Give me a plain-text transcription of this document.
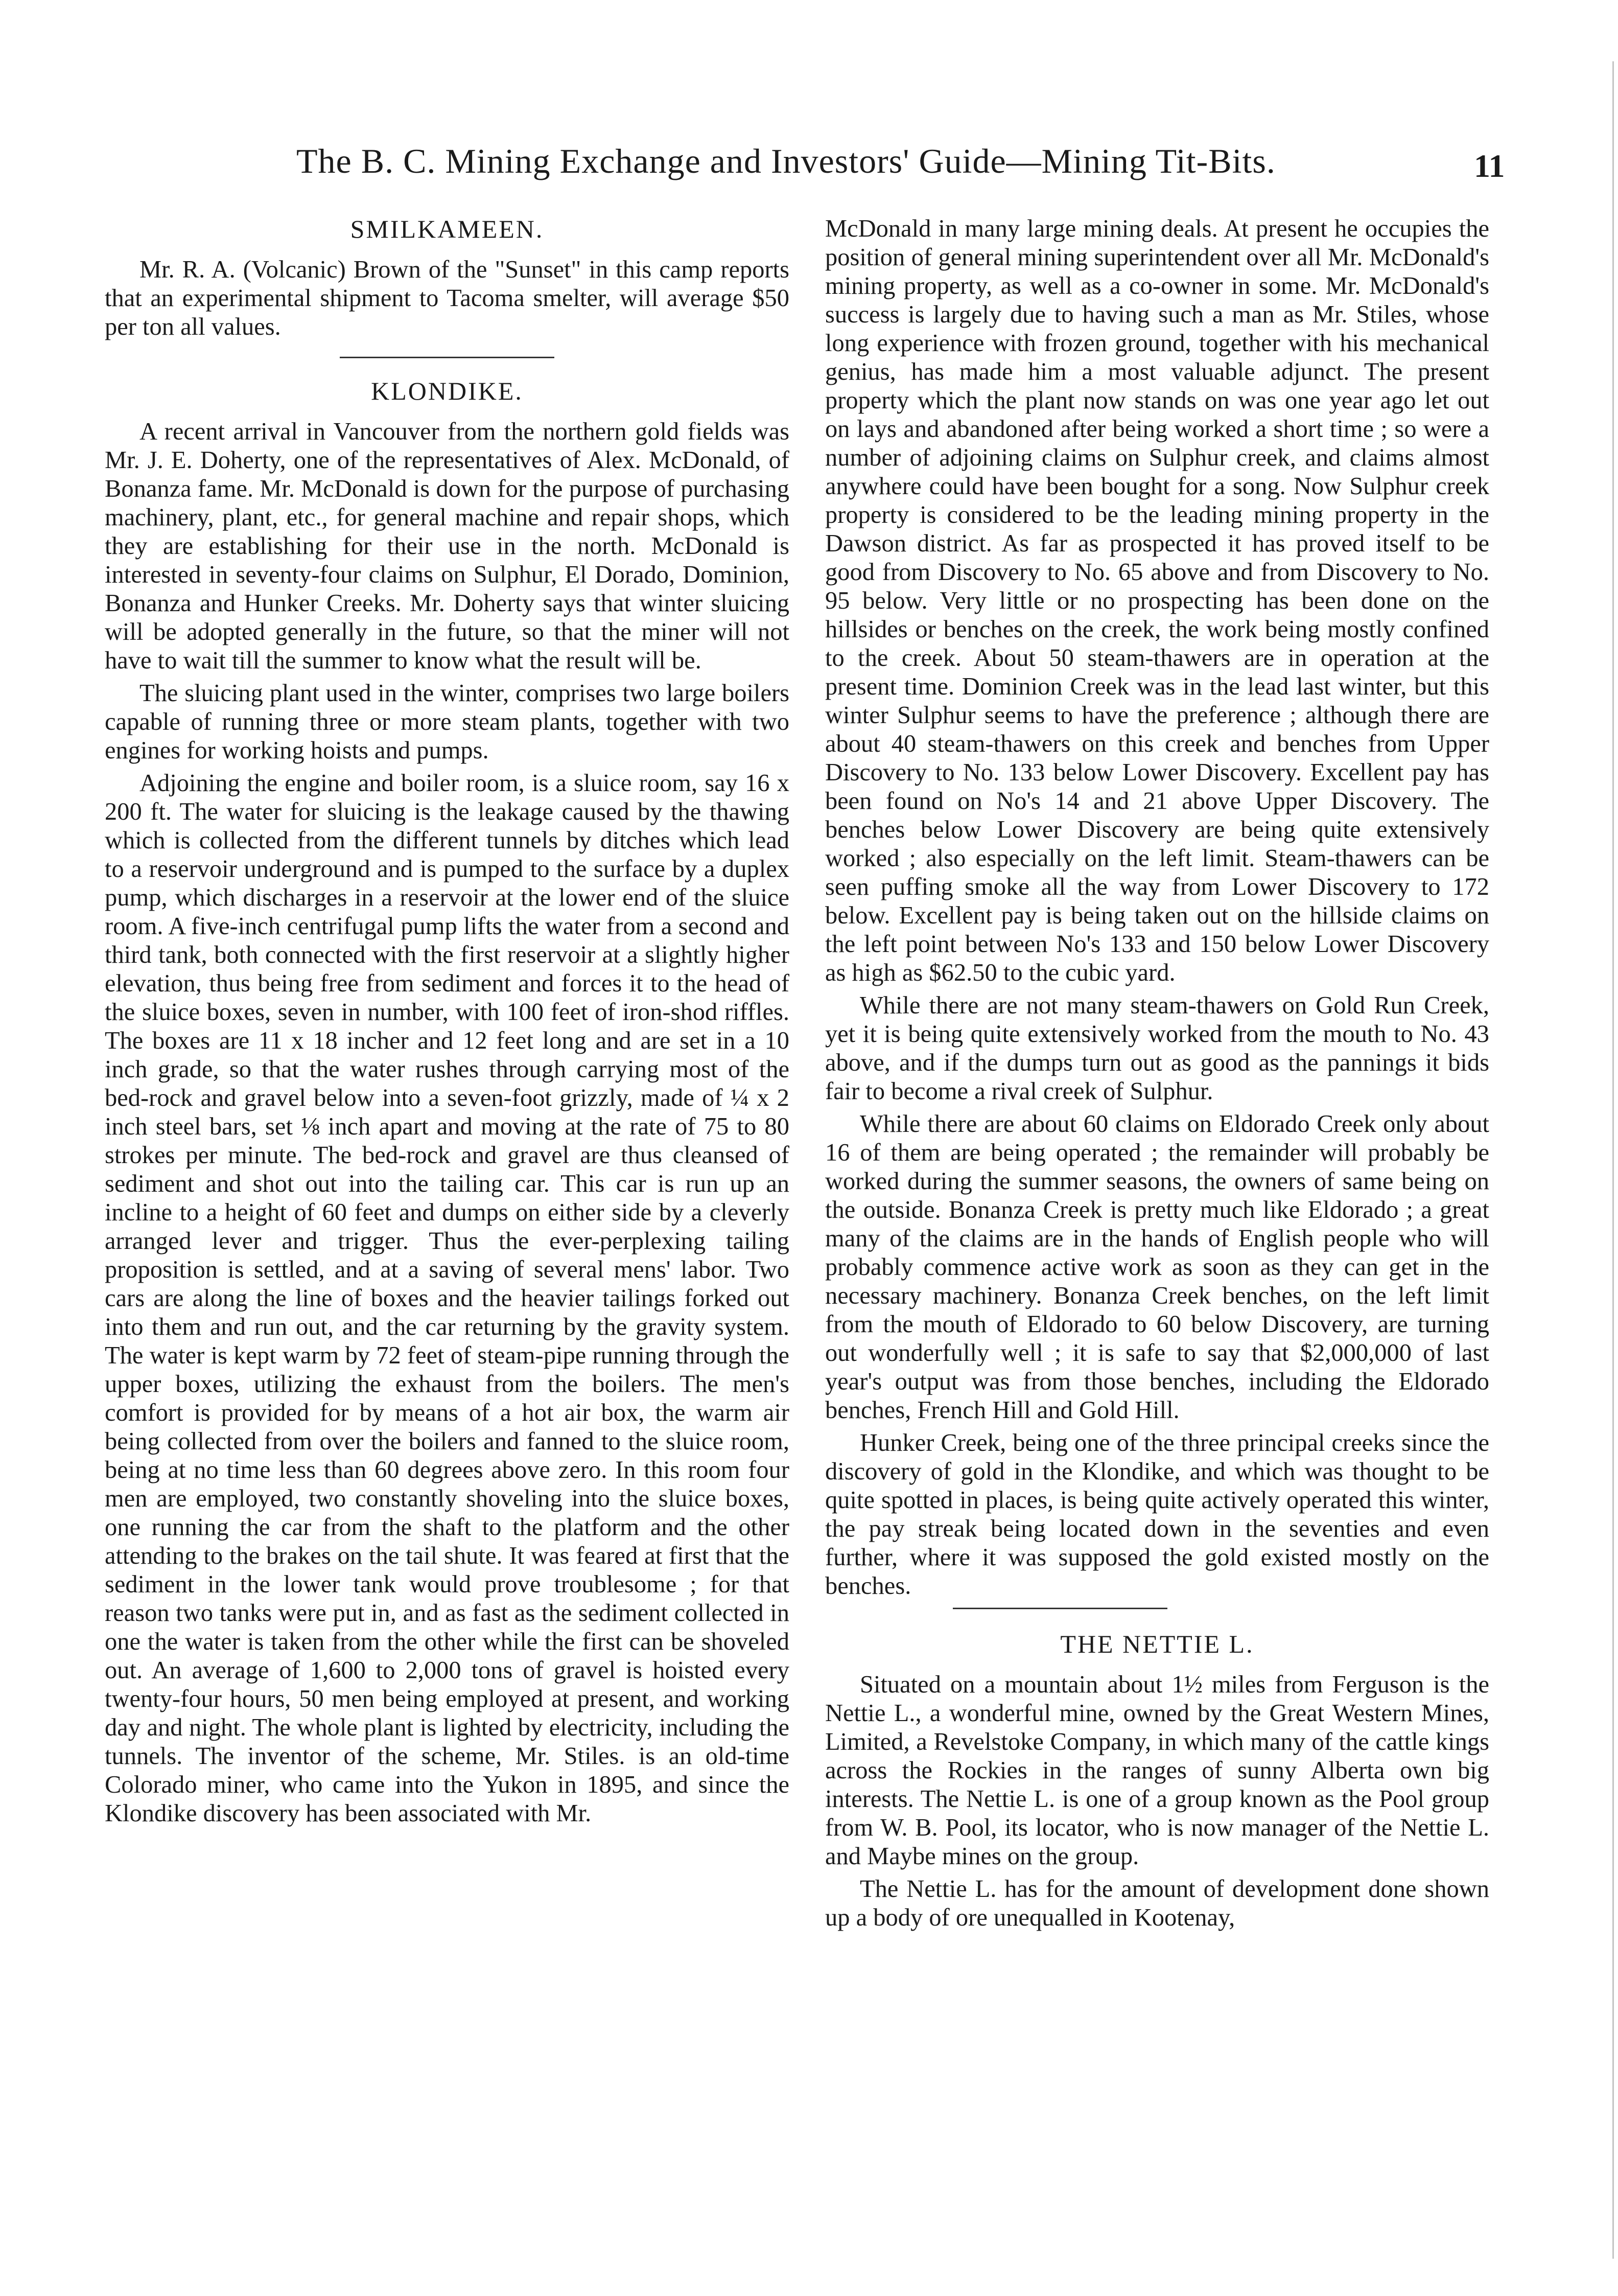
The B. C. Mining Exchange and Investors' Guide—Mining Tit-Bits.	11
SMILKAMEEN.

Mr. R. A. (Volcanic) Brown of the "Sunset" in this camp reports that an experimental shipment to Tacoma smelter, will average $50 per ton all values.

KLONDIKE.

A recent arrival in Vancouver from the northern gold fields was Mr. J. E. Doherty, one of the representatives of Alex. McDonald, of Bonanza fame. Mr. McDonald is down for the purpose of purchasing machinery, plant, etc., for general machine and repair shops, which they are establishing for their use in the north. McDonald is interested in seventy-four claims on Sulphur, El Dorado, Dominion, Bonanza and Hunker Creeks. Mr. Doherty says that winter sluicing will be adopted generally in the future, so that the miner will not have to wait till the summer to know what the result will be.

The sluicing plant used in the winter, comprises two large boilers capable of running three or more steam plants, together with two engines for working hoists and pumps.

Adjoining the engine and boiler room, is a sluice room, say 16 x 200 ft. The water for sluicing is the leakage caused by the thawing which is collected from the different tunnels by ditches which lead to a reservoir underground and is pumped to the surface by a duplex pump, which discharges in a reservoir at the lower end of the sluice room. A five-inch centrifugal pump lifts the water from a second and third tank, both connected with the first reservoir at a slightly higher elevation, thus being free from sediment and forces it to the head of the sluice boxes, seven in number, with 100 feet of iron-shod riffles. The boxes are 11 x 18 incher and 12 feet long and are set in a 10 inch grade, so that the water rushes through carrying most of the bed-rock and gravel below into a seven-foot grizzly, made of ¼ x 2 inch steel bars, set ⅛ inch apart and moving at the rate of 75 to 80 strokes per minute. The bed-rock and gravel are thus cleansed of sediment and shot out into the tailing car. This car is run up an incline to a height of 60 feet and dumps on either side by a cleverly arranged lever and trigger. Thus the ever-perplexing tailing proposition is settled, and at a saving of several mens' labor. Two cars are along the line of boxes and the heavier tailings forked out into them and run out, and the car returning by the gravity system. The water is kept warm by 72 feet of steam-pipe running through the upper boxes, utilizing the exhaust from the boilers. The men's comfort is provided for by means of a hot air box, the warm air being collected from over the boilers and fanned to the sluice room, being at no time less than 60 degrees above zero. In this room four men are employed, two constantly shoveling into the sluice boxes, one running the car from the shaft to the platform and the other attending to the brakes on the tail shute. It was feared at first that the sediment in the lower tank would prove troublesome ; for that reason two tanks were put in, and as fast as the sediment collected in one the water is taken from the other while the first can be shoveled out. An average of 1,600 to 2,000 tons of gravel is hoisted every twenty-four hours, 50 men being employed at present, and working day and night. The whole plant is lighted by electricity, including the tunnels. The inventor of the scheme, Mr. Stiles. is an old-time Colorado miner, who came into the Yukon in 1895, and since the Klondike discovery has been associated with Mr.

McDonald in many large mining deals. At present he occupies the position of general mining superintendent over all Mr. McDonald's mining property, as well as a co-owner in some. Mr. McDonald's success is largely due to having such a man as Mr. Stiles, whose long experience with frozen ground, together with his mechanical genius, has made him a most valuable adjunct. The present property which the plant now stands on was one year ago let out on lays and abandoned after being worked a short time ; so were a number of adjoining claims on Sulphur creek, and claims almost anywhere could have been bought for a song. Now Sulphur creek property is considered to be the leading mining property in the Dawson district. As far as prospected it has proved itself to be good from Discovery to No. 65 above and from Discovery to No. 95 below. Very little or no prospecting has been done on the hillsides or benches on the creek, the work being mostly confined to the creek. About 50 steam-thawers are in operation at the present time. Dominion Creek was in the lead last winter, but this winter Sulphur seems to have the preference ; although there are about 40 steam-thawers on this creek and benches from Upper Discovery to No. 133 below Lower Discovery. Excellent pay has been found on No's 14 and 21 above Upper Discovery. The benches below Lower Discovery are being quite extensively worked ; also especially on the left limit. Steam-thawers can be seen puffing smoke all the way from Lower Discovery to 172 below. Excellent pay is being taken out on the hillside claims on the left point between No's 133 and 150 below Lower Discovery as high as $62.50 to the cubic yard.

While there are not many steam-thawers on Gold Run Creek, yet it is being quite extensively worked from the mouth to No. 43 above, and if the dumps turn out as good as the pannings it bids fair to become a rival creek of Sulphur.

While there are about 60 claims on Eldorado Creek only about 16 of them are being operated ; the remainder will probably be worked during the summer seasons, the owners of same being on the outside. Bonanza Creek is pretty much like Eldorado ; a great many of the claims are in the hands of English people who will probably commence active work as soon as they can get in the necessary machinery. Bonanza Creek benches, on the left limit from the mouth of Eldorado to 60 below Discovery, are turning out wonderfully well ; it is safe to say that $2,000,000 of last year's output was from those benches, including the Eldorado benches, French Hill and Gold Hill.

Hunker Creek, being one of the three principal creeks since the discovery of gold in the Klondike, and which was thought to be quite spotted in places, is being quite actively operated this winter, the pay streak being located down in the seventies and even further, where it was supposed the gold existed mostly on the benches.

THE NETTIE L.

Situated on a mountain about 1½ miles from Ferguson is the Nettie L., a wonderful mine, owned by the Great Western Mines, Limited, a Revelstoke Company, in which many of the cattle kings across the Rockies in the ranges of sunny Alberta own big interests. The Nettie L. is one of a group known as the Pool group from W. B. Pool, its locator, who is now manager of the Nettie L. and Maybe mines on the group.

The Nettie L. has for the amount of development done shown up a body of ore unequalled in Kootenay,
